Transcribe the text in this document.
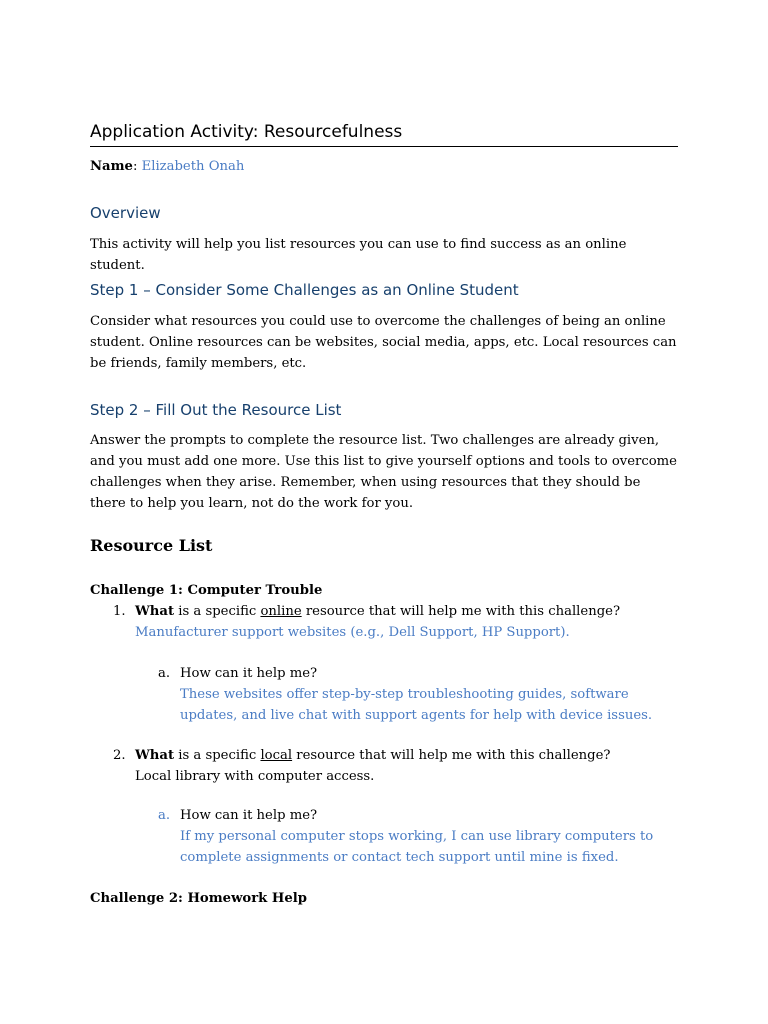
Application Activity: Resourcefulness
Name: Elizabeth Onah
Overview
This activity will help you list resources you can use to find success as an online student.
Step 1 – Consider Some Challenges as an Online Student
Consider what resources you could use to overcome the challenges of being an online student. Online resources can be websites, social media, apps, etc. Local resources can be friends, family members, etc.
Step 2 – Fill Out the Resource List
Answer the prompts to complete the resource list. Two challenges are already given, and you must add one more. Use this list to give yourself options and tools to overcome challenges when they arise. Remember, when using resources that they should be there to help you learn, not do the work for you.
Resource List
Challenge 1: Computer Trouble
1. What is a specific online resource that will help me with this challenge?
Manufacturer support websites (e.g., Dell Support, HP Support).
a. How can it help me?
These websites offer step-by-step troubleshooting guides, software updates, and live chat with support agents for help with device issues.
2. What is a specific local resource that will help me with this challenge?
Local library with computer access.
a. How can it help me?
If my personal computer stops working, I can use library computers to complete assignments or contact tech support until mine is fixed.
Challenge 2: Homework Help
